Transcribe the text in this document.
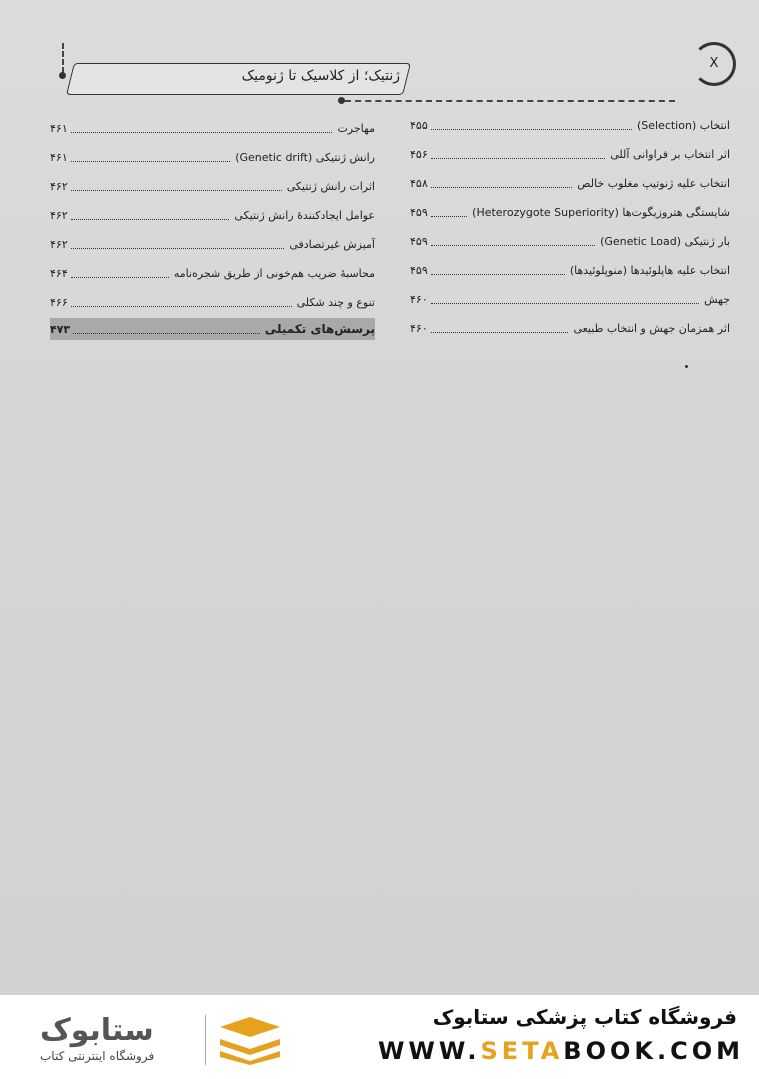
ژنتیک؛ از کلاسیک تا ژنومیک
X
مهاجرت
۴۶۱
رانش ژنتیکی (Genetic drift)
۴۶۱
اثرات رانش ژنتیکی
۴۶۲
عوامل ایجادکنندهٔ رانش ژنتیکی
۴۶۲
آمیزش غیرتصادفی
۴۶۲
محاسبهٔ ضریب هم‌خونی از طریق شجره‌نامه
۴۶۴
تنوع و چند شکلی
۴۶۶
پرسش‌های تکمیلی
۴۷۳
انتخاب (Selection)
۴۵۵
اثر انتخاب بر فراوانی آللی
۴۵۶
انتخاب علیه ژنوتیپ مغلوب خالص
۴۵۸
شایستگی هتروزیگوت‌ها (Heterozygote Superiority)
۴۵۹
بار ژنتیکی (Genetic Load)
۴۵۹
انتخاب علیه هاپلوئیدها (منوپلوئیدها)
۴۵۹
جهش
۴۶۰
اثر همزمان جهش و انتخاب طبیعی
۴۶۰
ستابوک
فروشگاه اینترنتی کتاب
فروشگاه کتاب پزشکی ستابوک
WWW.SETABOOK.COM
